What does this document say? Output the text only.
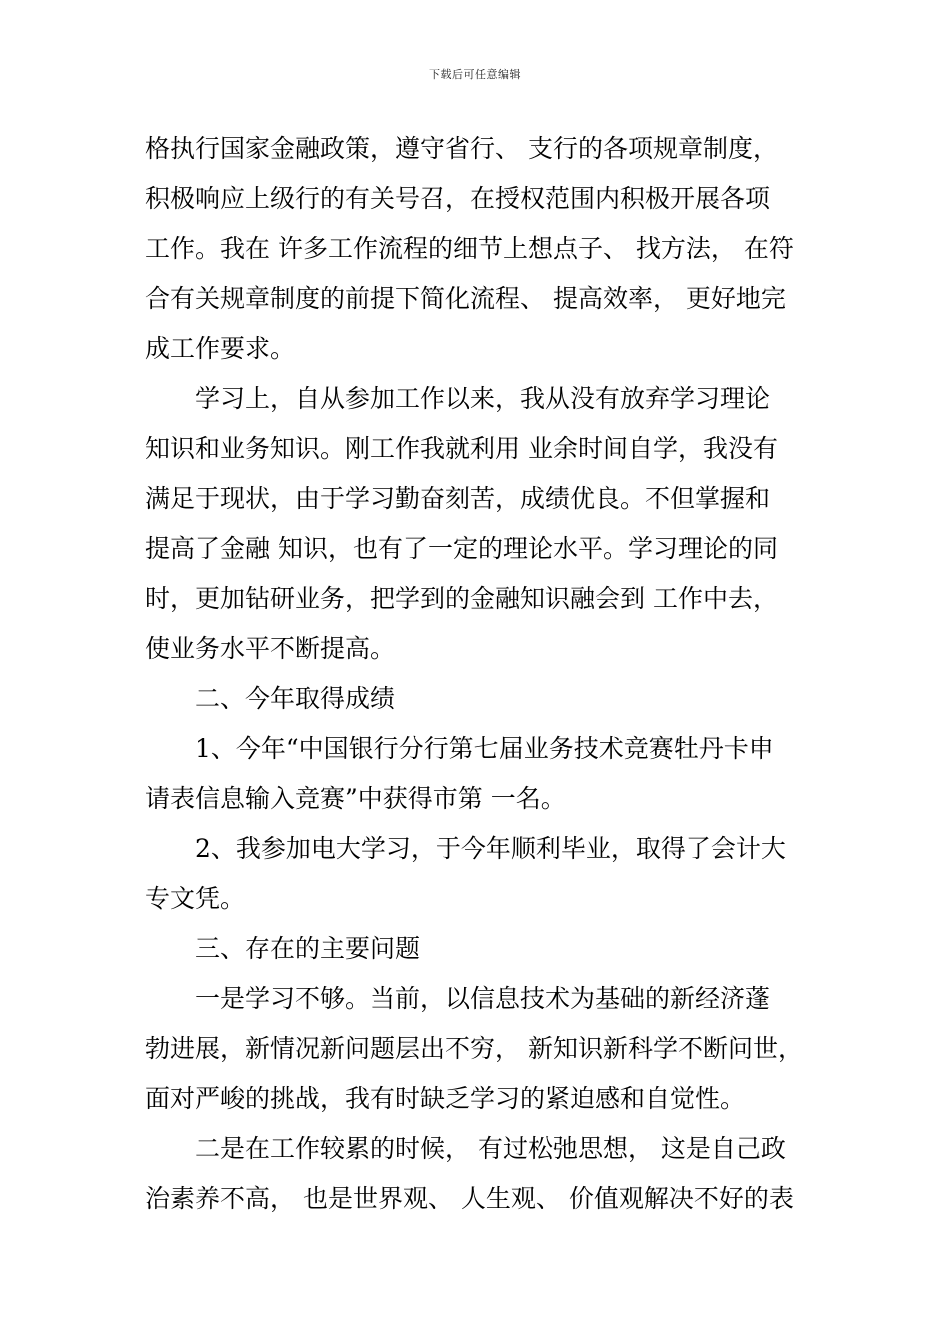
下载后可任意编辑
格执行国家金融政策，遵守省行、 支行的各项规章制度，
积极响应上级行的有关号召，在授权范围内积极开展各项
工作。我在 许多工作流程的细节上想点子、 找方法， 在符
合有关规章制度的前提下简化流程、 提高效率， 更好地完
成工作要求。
学习上，自从参加工作以来，我从没有放弃学习理论
知识和业务知识。刚工作我就利用 业余时间自学，我没有
满足于现状，由于学习勤奋刻苦，成绩优良。不但掌握和
提高了金融 知识，也有了一定的理论水平。学习理论的同
时，更加钻研业务，把学到的金融知识融会到 工作中去，
使业务水平不断提高。
二、今年取得成绩
1、今年“中国银行分行第七届业务技术竞赛牡丹卡申
请表信息输入竞赛”中获得市第 一名。
2、我参加电大学习，于今年顺利毕业，取得了会计大
专文凭。
三、存在的主要问题
一是学习不够。当前，以信息技术为基础的新经济蓬
勃进展，新情况新问题层出不穷， 新知识新科学不断问世，
面对严峻的挑战，我有时缺乏学习的紧迫感和自觉性。
二是在工作较累的时候， 有过松弛思想， 这是自己政
治素养不高， 也是世界观、 人生观、 价值观解决不好的表
